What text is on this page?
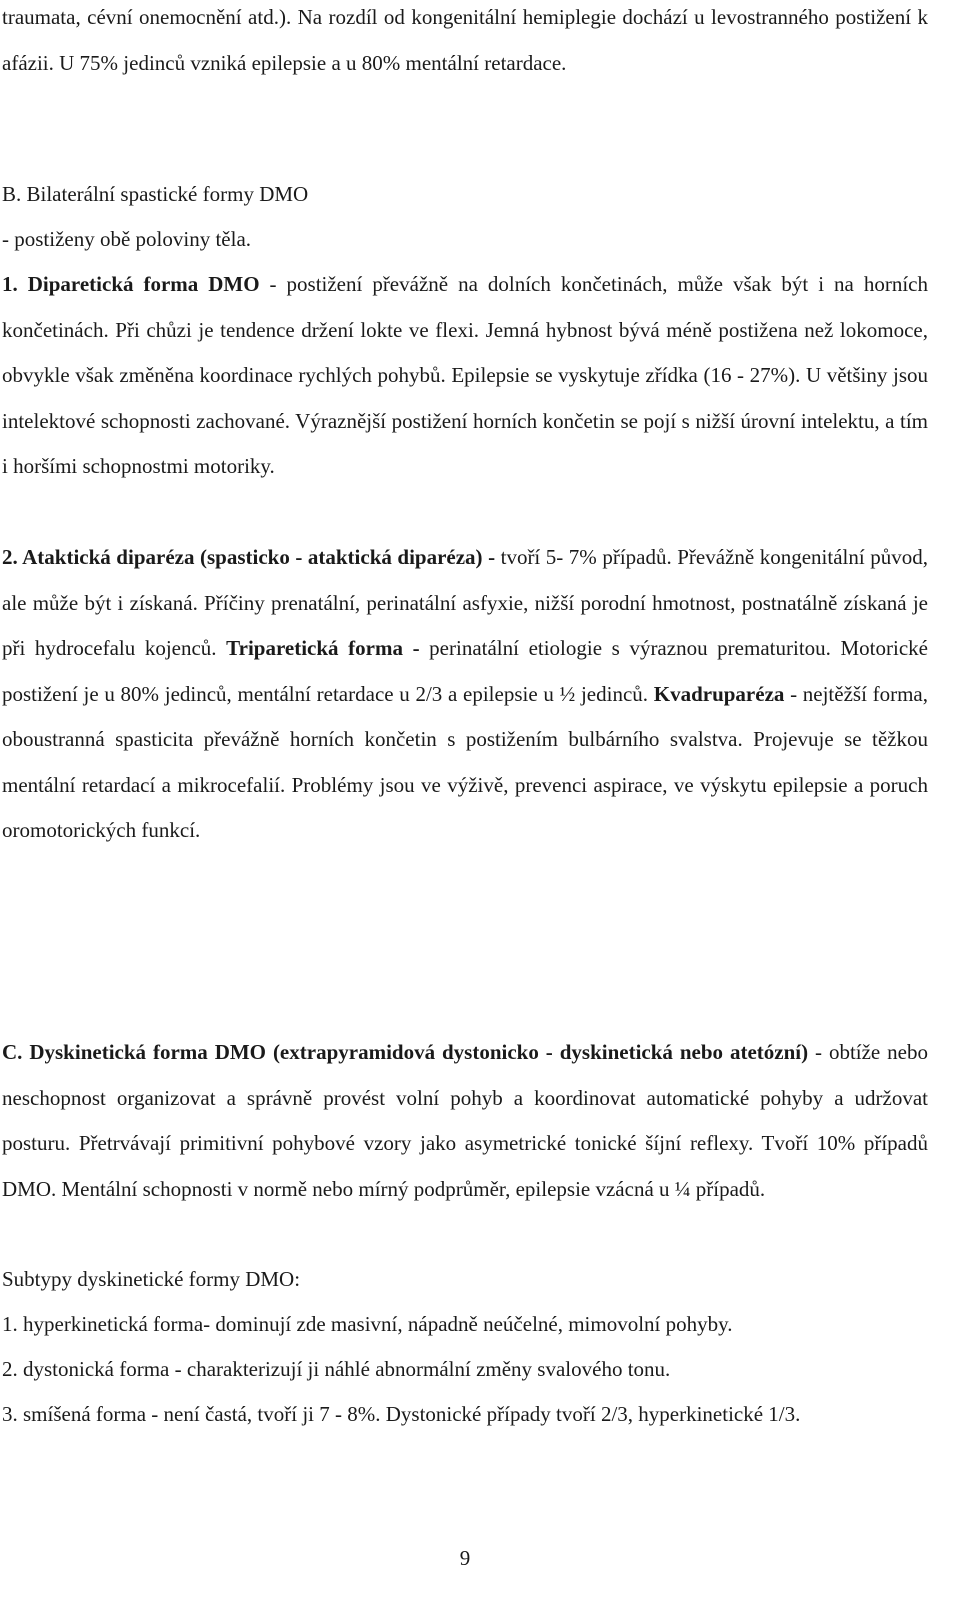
traumata, cévní onemocnění atd.). Na rozdíl od kongenitální hemiplegie dochází u levostranného postižení k afázii. U 75% jedinců vzniká epilepsie a u 80% mentální retardace.

B. Bilaterální spastické formy DMO

- postiženy obě poloviny těla.

1. Diparetická forma DMO - postižení převážně na dolních končetinách, může však být i na horních končetinách. Při chůzi je tendence držení lokte ve flexi. Jemná hybnost bývá méně postižena než lokomoce, obvykle však změněna koordinace rychlých pohybů. Epilepsie se vyskytuje zřídka (16 - 27%). U většiny jsou intelektové schopnosti zachované. Výraznější postižení horních končetin se pojí s nižší úrovní intelektu, a tím i horšími schopnostmi motoriky.

2. Ataktická diparéza (spasticko - ataktická diparéza) - tvoří 5- 7% případů. Převážně kongenitální původ, ale může být i získaná. Příčiny prenatální, perinatální asfyxie, nižší porodní hmotnost, postnatálně získaná je při hydrocefalu kojenců. Triparetická forma - perinatální etiologie s výraznou prematuritou. Motorické postižení je u 80% jedinců, mentální retardace u 2/3 a epilepsie u ½ jedinců. Kvadruparéza - nejtěžší forma, oboustranná spasticita převážně horních končetin s postižením bulbárního svalstva. Projevuje se těžkou mentální retardací a mikrocefalií. Problémy jsou ve výživě, prevenci aspirace, ve výskytu epilepsie a poruch oromotorických funkcí.

C. Dyskinetická forma DMO (extrapyramidová dystonicko - dyskinetická nebo atetózní) - obtíže nebo neschopnost organizovat a správně provést volní pohyb a koordinovat automatické pohyby a udržovat posturu. Přetrvávají primitivní pohybové vzory jako asymetrické tonické šíjní reflexy. Tvoří 10% případů DMO. Mentální schopnosti v normě nebo mírný podprůměr, epilepsie vzácná u ¼ případů.

Subtypy dyskinetické formy DMO:

1. hyperkinetická forma- dominují zde masivní, nápadně neúčelné, mimovolní pohyby.

2. dystonická forma - charakterizují ji náhlé abnormální změny svalového tonu.

3. smíšená forma - není častá, tvoří ji 7 - 8%. Dystonické případy tvoří 2/3, hyperkinetické 1/3.

9
